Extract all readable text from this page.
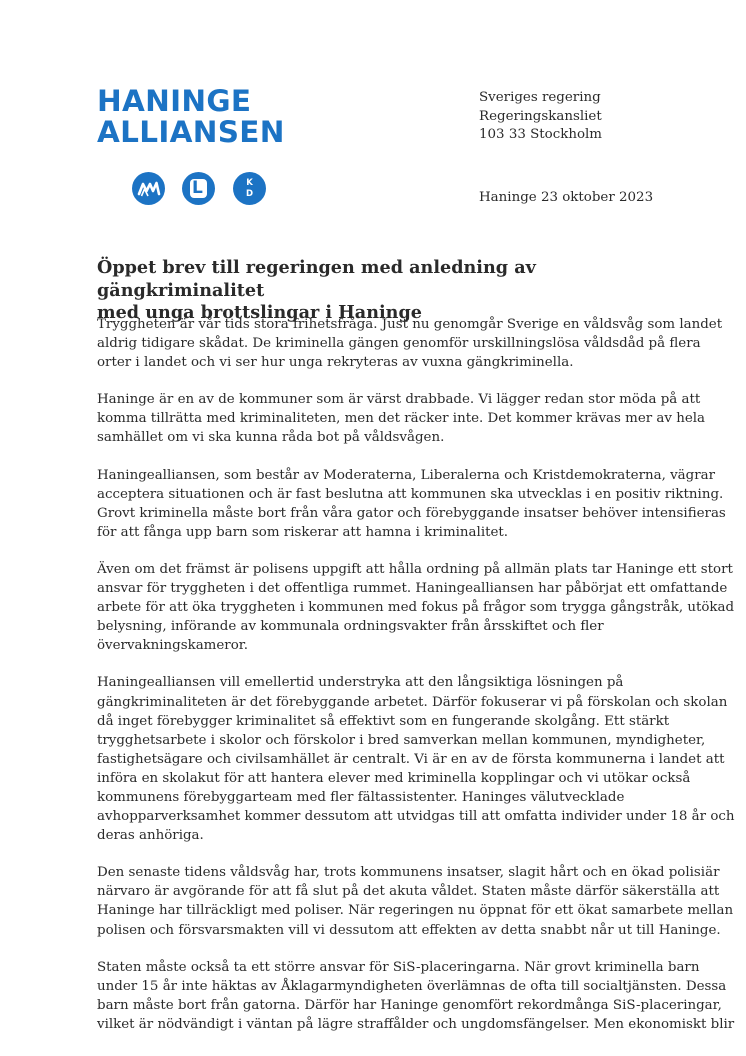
HANINGE
ALLIANSEN
L	K
D
Sveriges regering
Regeringskansliet
103 33 Stockholm
Haninge 23 oktober 2023
Öppet brev till regeringen med anledning av gängkriminalitet
med unga brottslingar i Haninge

Tryggheten är vår tids stora frihetsfråga. Just nu genomgår Sverige en våldsvåg som landet
aldrig tidigare skådat. De kriminella gängen genomför urskillningslösa våldsdåd på flera
orter i landet och vi ser hur unga rekryteras av vuxna gängkriminella.

Haninge är en av de kommuner som är värst drabbade. Vi lägger redan stor möda på att
komma tillrätta med kriminaliteten, men det räcker inte. Det kommer krävas mer av hela
samhället om vi ska kunna råda bot på våldsvågen.

Haningealliansen, som består av Moderaterna, Liberalerna och Kristdemokraterna, vägrar
acceptera situationen och är fast beslutna att kommunen ska utvecklas i en positiv riktning.
Grovt kriminella måste bort från våra gator och förebyggande insatser behöver intensifieras
för att fånga upp barn som riskerar att hamna i kriminalitet.

Även om det främst är polisens uppgift att hålla ordning på allmän plats tar Haninge ett stort
ansvar för tryggheten i det offentliga rummet. Haningealliansen har påbörjat ett omfattande
arbete för att öka tryggheten i kommunen med fokus på frågor som trygga gångstråk, utökad
belysning, införande av kommunala ordningsvakter från årsskiftet och fler
övervakningskameror.

Haningealliansen vill emellertid understryka att den långsiktiga lösningen på
gängkriminaliteten är det förebyggande arbetet. Därför fokuserar vi på förskolan och skolan
då inget förebygger kriminalitet så effektivt som en fungerande skolgång. Ett stärkt
trygghetsarbete i skolor och förskolor i bred samverkan mellan kommunen, myndigheter,
fastighetsägare och civilsamhället är centralt. Vi är en av de första kommunerna i landet att
införa en skolakut för att hantera elever med kriminella kopplingar och vi utökar också
kommunens förebyggarteam med fler fältassistenter. Haninges välutvecklade
avhopparverksamhet kommer dessutom att utvidgas till att omfatta individer under 18 år och
deras anhöriga.

Den senaste tidens våldsvåg har, trots kommunens insatser, slagit hårt och en ökad polisiär
närvaro är avgörande för att få slut på det akuta våldet. Staten måste därför säkerställa att
Haninge har tillräckligt med poliser. När regeringen nu öppnat för ett ökat samarbete mellan
polisen och försvarsmakten vill vi dessutom att effekten av detta snabbt når ut till Haninge.

Staten måste också ta ett större ansvar för SiS-placeringarna. När grovt kriminella barn
under 15 år inte häktas av Åklagarmyndigheten överlämnas de ofta till socialtjänsten. Dessa
barn måste bort från gatorna. Därför har Haninge genomfört rekordmånga SiS-placeringar,
vilket är nödvändigt i väntan på lägre straffålder och ungdomsfängelser. Men ekonomiskt blir
